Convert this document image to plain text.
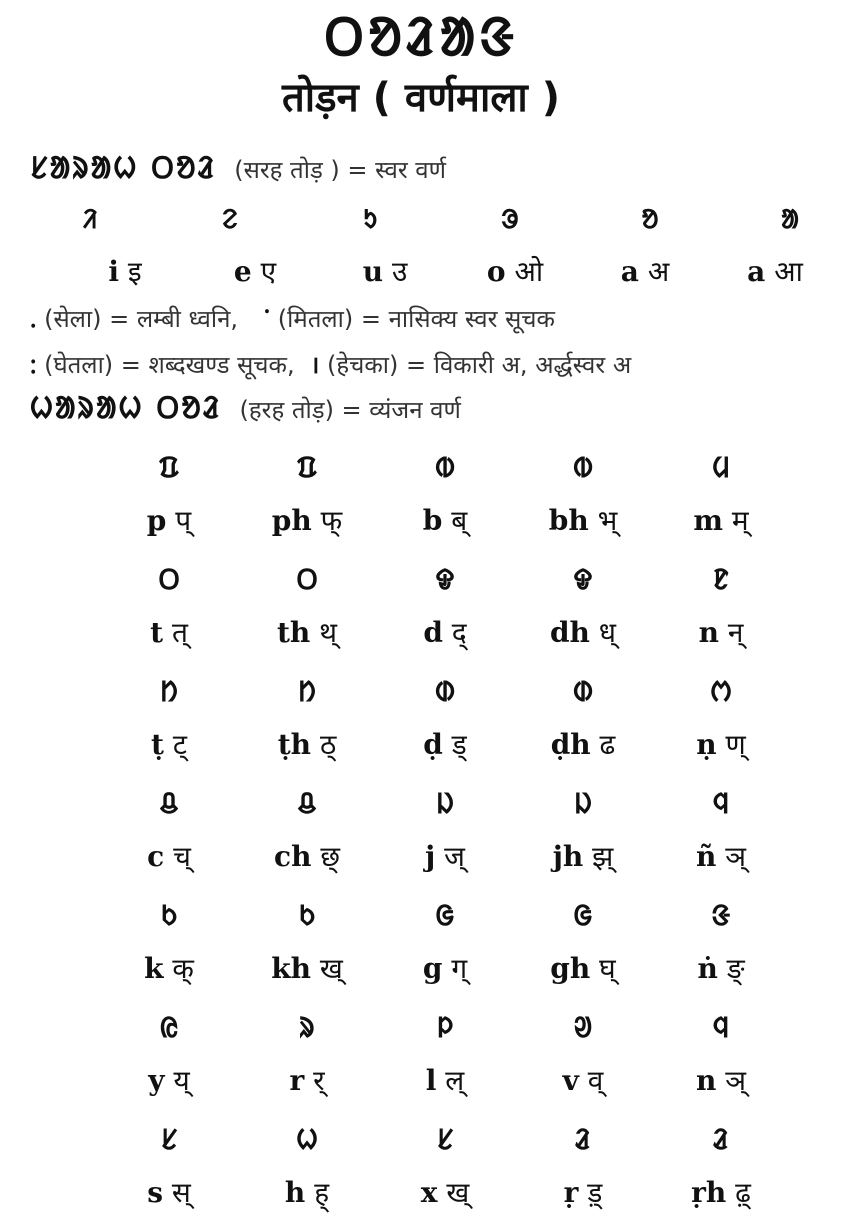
ᱛᱚᱲᱟᱝ
तोड़न ( वर्णमाला )
ᱥᱟᱨᱟᱦ ᱛᱚᱲ (सरह तोड़ ) = स्वर वर्ण
ᱤ	ᱮ	ᱩ	ᱳ	ᱚ	ᱟ
i इ	e ए	u उ	o ओ	a अ	a आ
ᱹ (सेला) = लम्बी ध्वनि, ᱸ (मितला) = नासिक्य स्वर सूचक
ᱺ (घेतला) = शब्दखण्ड सूचक, । (हेचका) = विकारी अ, अर्द्धस्वर अ
ᱦᱟᱨᱟᱦ ᱛᱚᱲ (हरह तोड़) = व्यंजन वर्ण
ᱯ	ᱯ	ᱵ	ᱵ	ᱢ
p प्	ph फ्	b ब्	bh भ्	m म्
ᱛ	ᱛ	ᱫ	ᱫ	ᱱ
t त्	th थ्	d द्	dh ध्	n न्
ᱴ	ᱴ	ᱰ	ᱰ	ᱬ
ṭ ट्	ṭh ठ्	ḍ ड्	ḍh ढ	ṇ ण्
ᱪ	ᱪ	ᱡ	ᱡ	ᱧ
c च्	ch छ्	j ज्	jh झ्	ñ ञ्
ᱠ	ᱠ	ᱜ	ᱜ	ᱝ
k क्	kh ख्	g ग्	gh घ्	ṅ ङ्
ᱭ	ᱨ	ᱞ	ᱣ	ᱧ
y य्	r र्	l ल्	v व्	n ञ्
ᱥ	ᱦ	ᱥ	ᱲ	ᱲ
s स्	h ह्	x ख्	ṛ ड़्	ṛh ढ़्
